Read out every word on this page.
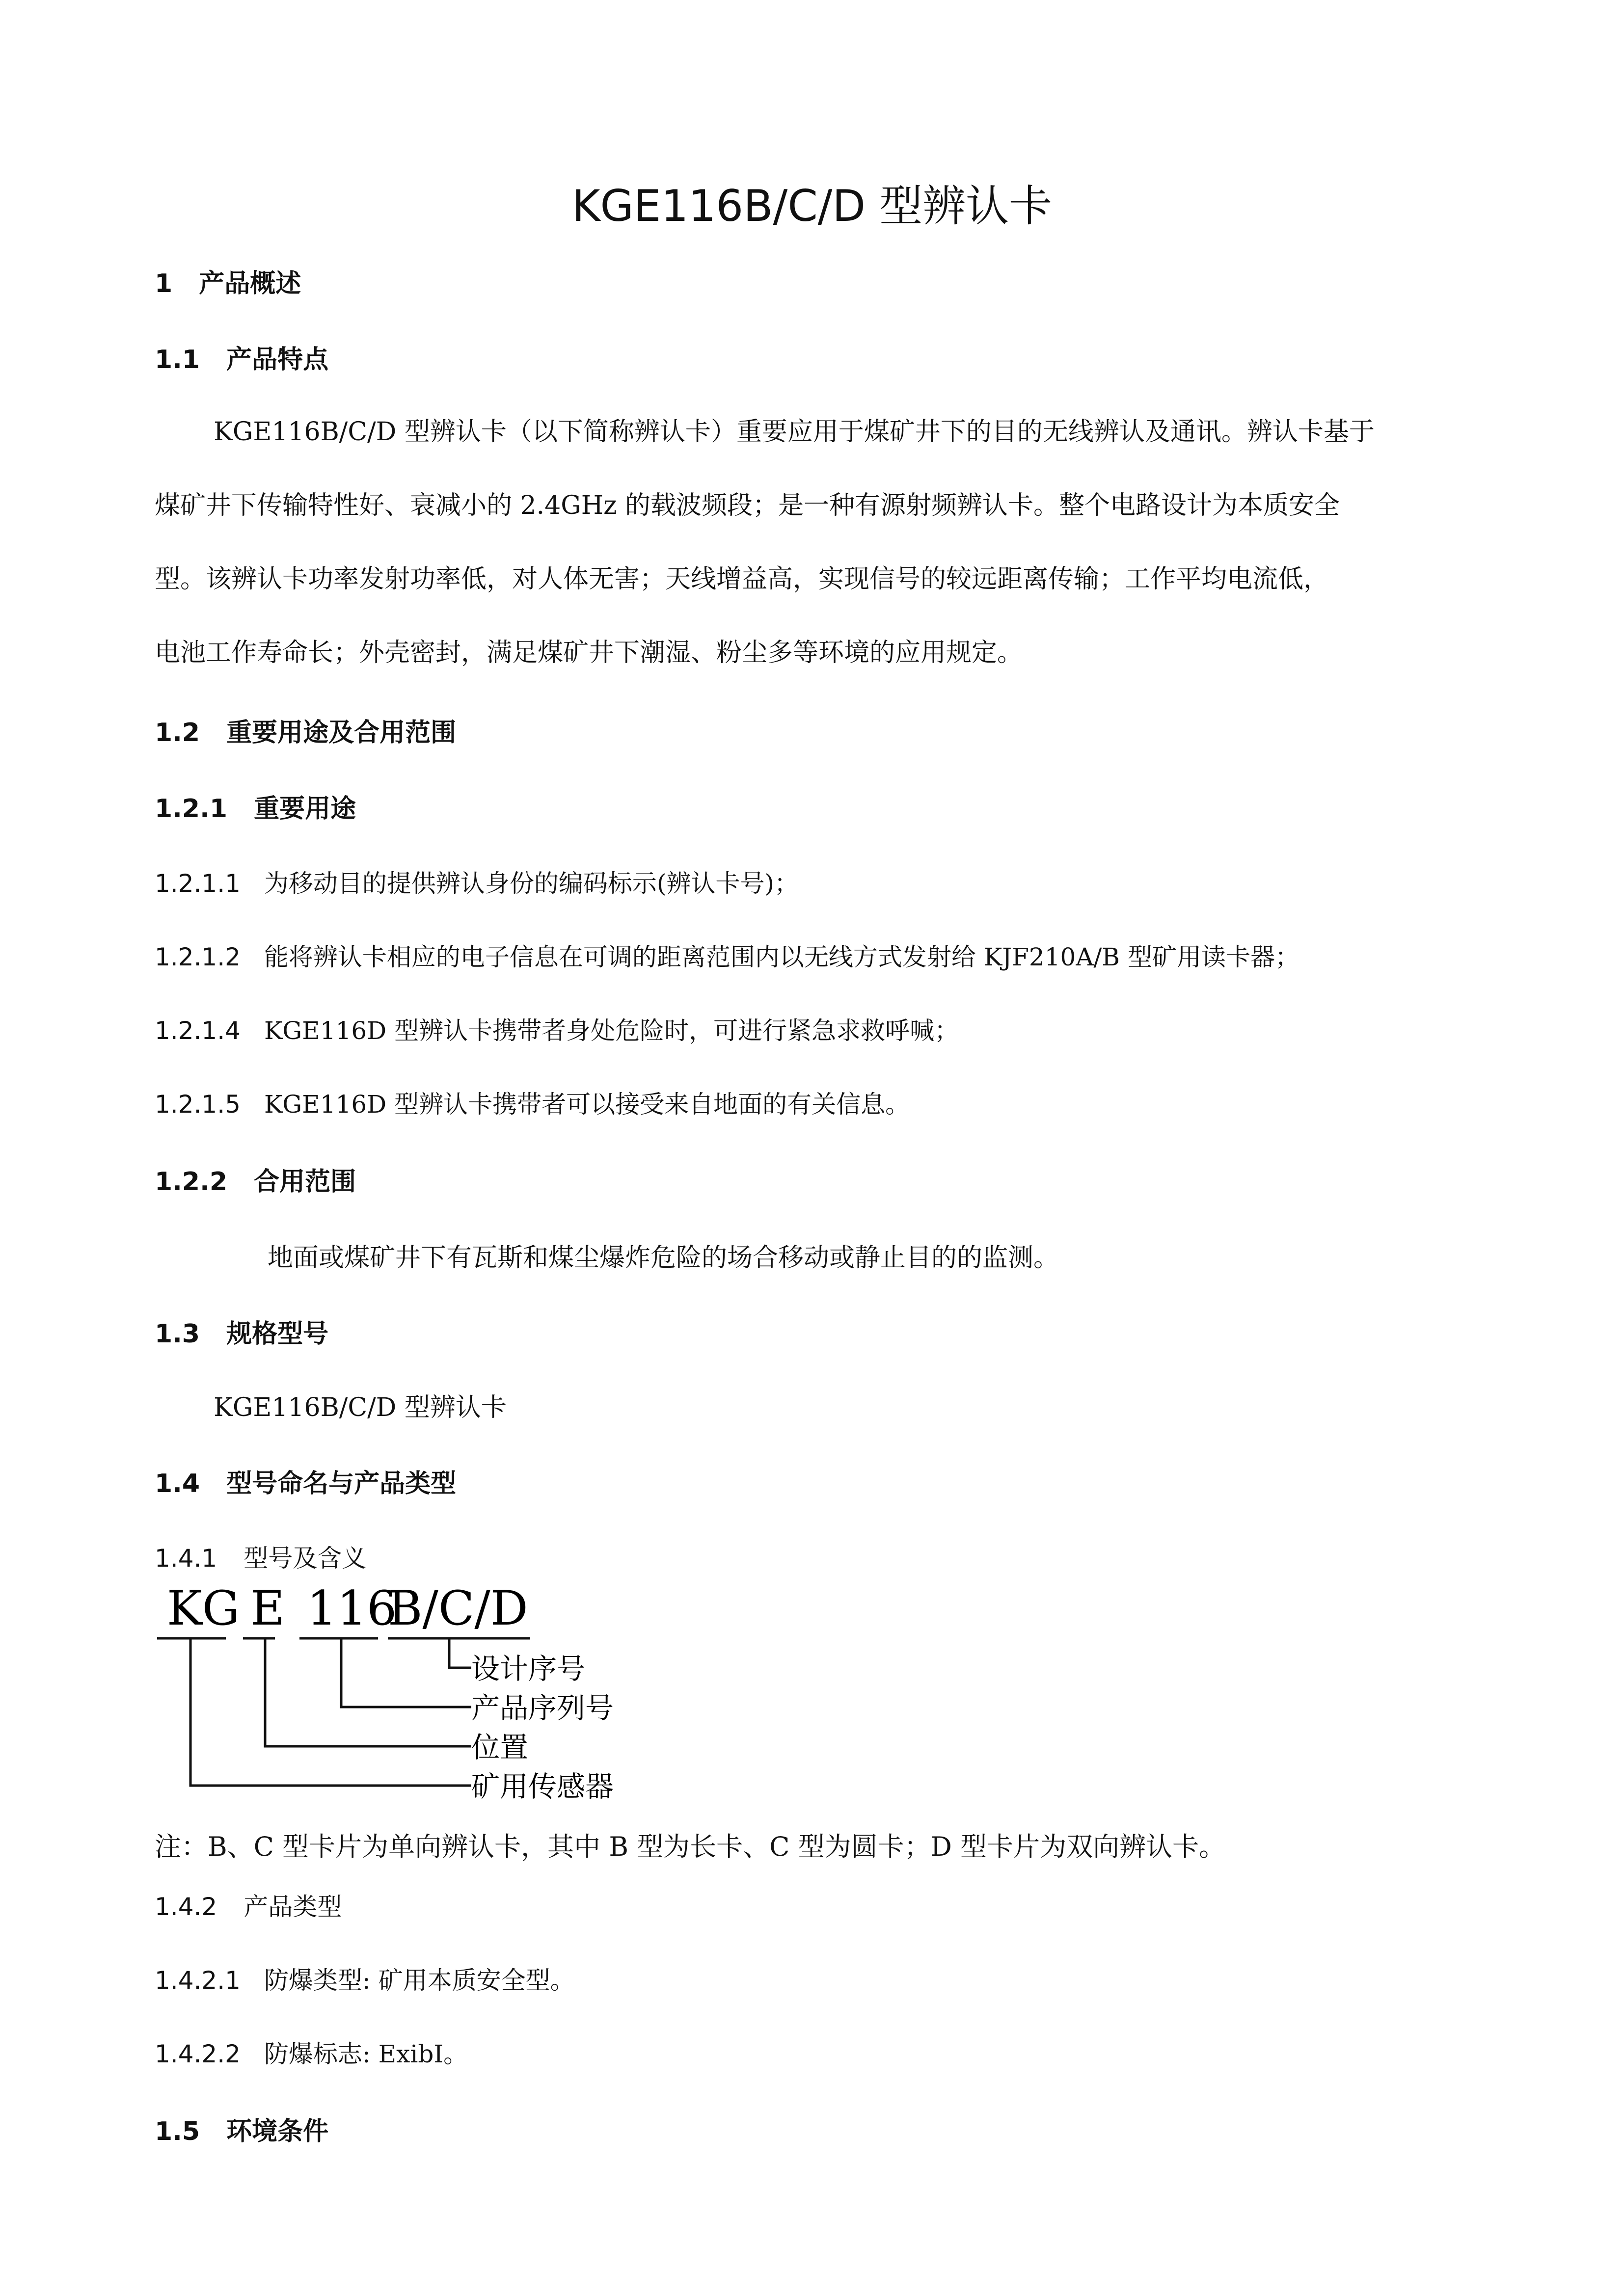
KGE116B/C/D 型辨认卡
1 产品概述
1.1 产品特点

KGE116B/C/D 型辨认卡（以下简称辨认卡）重要应用于煤矿井下的目的无线辨认及通讯。辨认卡基于

煤矿井下传输特性好、衰减小的 2.4GHz 的载波频段；是一种有源射频辨认卡。整个电路设计为本质安全

型。该辨认卡功率发射功率低，对人体无害；天线增益高，实现信号的较远距离传输；工作平均电流低，

电池工作寿命长；外壳密封，满足煤矿井下潮湿、粉尘多等环境的应用规定。

1.2 重要用途及合用范围
1.2.1 重要用途
1.2.1.1 为移动目的提供辨认身份的编码标示(辨认卡号)；
1.2.1.2 能将辨认卡相应的电子信息在可调的距离范围内以无线方式发射给 KJF210A/B 型矿用读卡器；
1.2.1.4 KGE116D 型辨认卡携带者身处危险时，可进行紧急求救呼喊；
1.2.1.5 KGE116D 型辨认卡携带者可以接受来自地面的有关信息。
1.2.2 合用范围
地面或煤矿井下有瓦斯和煤尘爆炸危险的场合移动或静止目的的监测。
1.3 规格型号
KGE116B/C/D 型辨认卡
1.4 型号命名与产品类型
1.4.1 型号及含义
KG E 116
B/C/D
设计序号
产品序列号
位置
矿用传感器
注：B、C 型卡片为单向辨认卡，其中 B 型为长卡、C 型为圆卡；D 型卡片为双向辨认卡。
1.4.2 产品类型
1.4.2.1 防爆类型: 矿用本质安全型。
1.4.2.2 防爆标志: ExibI。
1.5 环境条件
